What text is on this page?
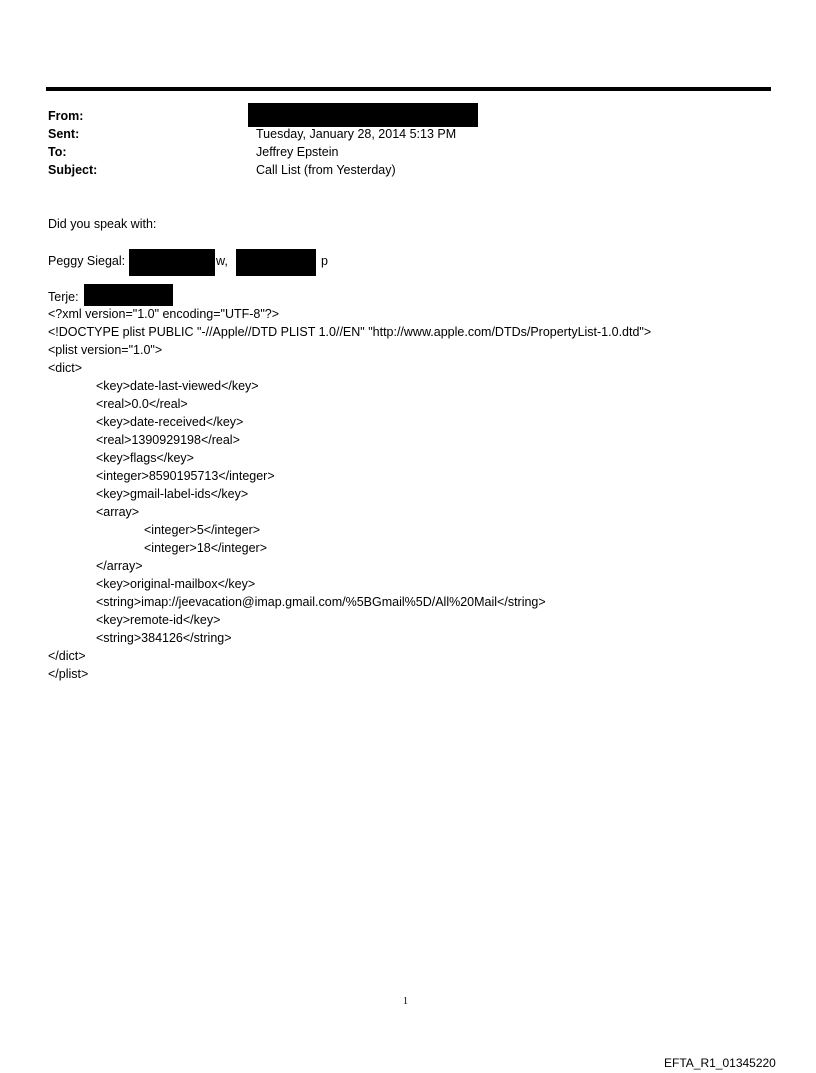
From:
Sent:	Tuesday, January 28, 2014 5:13 PM
To:	Jeffrey Epstein
Subject:	Call List (from Yesterday)
Did you speak with:
Peggy Siegal:	w,	p
Terje:
<?xml version="1.0" encoding="UTF-8"?>
<!DOCTYPE plist PUBLIC "-//Apple//DTD PLIST 1.0//EN" "http://www.apple.com/DTDs/PropertyList-1.0.dtd">
<plist version="1.0">
<dict>
<key>date-last-viewed</key>
<real>0.0</real>
<key>date-received</key>
<real>1390929198</real>
<key>flags</key>
<integer>8590195713</integer>
<key>gmail-label-ids</key>
<array>
<integer>5</integer>
<integer>18</integer>
</array>
<key>original-mailbox</key>
<string>imap://jeevacation@imap.gmail.com/%5BGmail%5D/All%20Mail</string>
<key>remote-id</key>
<string>384126</string>
</dict>
</plist>
1
EFTA_R1_01345220
